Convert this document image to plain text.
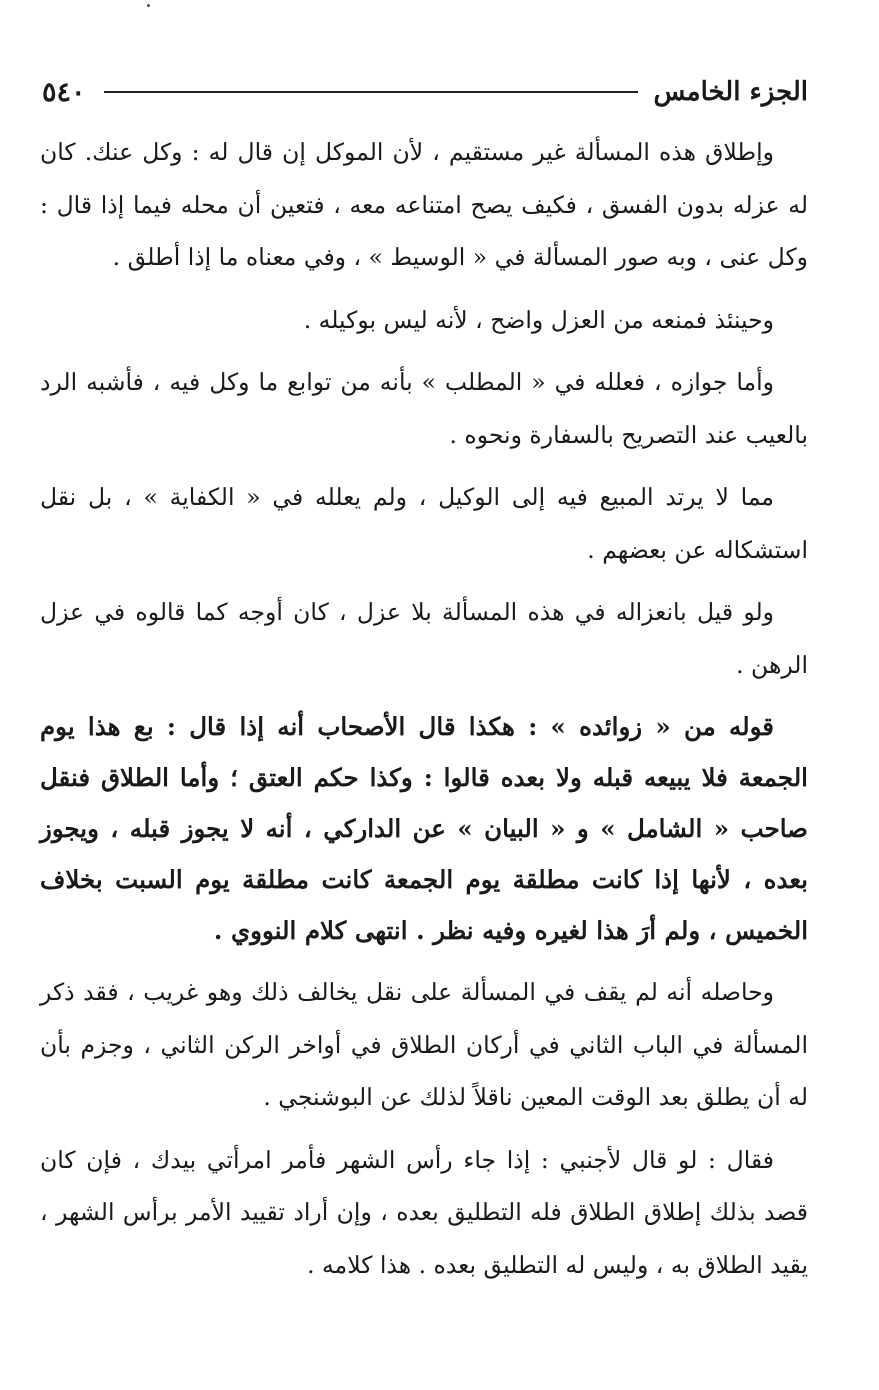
٥٤٠	الجزء الخامس

وإطلاق هذه المسألة غير مستقيم ، لأن الموكل إن قال له : وكل عنك. كان له عزله بدون الفسق ، فكيف يصح امتناعه معه ، فتعين أن محله فيما إذا قال : وكل عنى ، وبه صور المسألة في « الوسيط » ، وفي معناه ما إذا أطلق .

وحينئذ فمنعه من العزل واضح ، لأنه ليس بوكيله .

وأما جوازه ، فعلله في « المطلب » بأنه من توابع ما وكل فيه ، فأشبه الرد بالعيب عند التصريح بالسفارة ونحوه .

مما لا يرتد المبيع فيه إلى الوكيل ، ولم يعلله في « الكفاية » ، بل نقل استشكاله عن بعضهم .

ولو قيل بانعزاله في هذه المسألة بلا عزل ، كان أوجه كما قالوه في عزل الرهن .

قوله من « زوائده » : هكذا قال الأصحاب أنه إذا قال : بع هذا يوم الجمعة فلا يبيعه قبله ولا بعده قالوا : وكذا حكم العتق ؛ وأما الطلاق فنقل صاحب « الشامل » و « البيان » عن الداركي ، أنه لا يجوز قبله ، ويجوز بعده ، لأنها إذا كانت مطلقة يوم الجمعة كانت مطلقة يوم السبت بخلاف الخميس ، ولم أرَ هذا لغيره وفيه نظر . انتهى كلام النووي .

وحاصله أنه لم يقف في المسألة على نقل يخالف ذلك وهو غريب ، فقد ذكر المسألة في الباب الثاني في أركان الطلاق في أواخر الركن الثاني ، وجزم بأن له أن يطلق بعد الوقت المعين ناقلاً لذلك عن البوشنجي .

فقال : لو قال لأجنبي : إذا جاء رأس الشهر فأمر امرأتي بيدك ، فإن كان قصد بذلك إطلاق الطلاق فله التطليق بعده ، وإن أراد تقييد الأمر برأس الشهر ، يقيد الطلاق به ، وليس له التطليق بعده . هذا كلامه .
